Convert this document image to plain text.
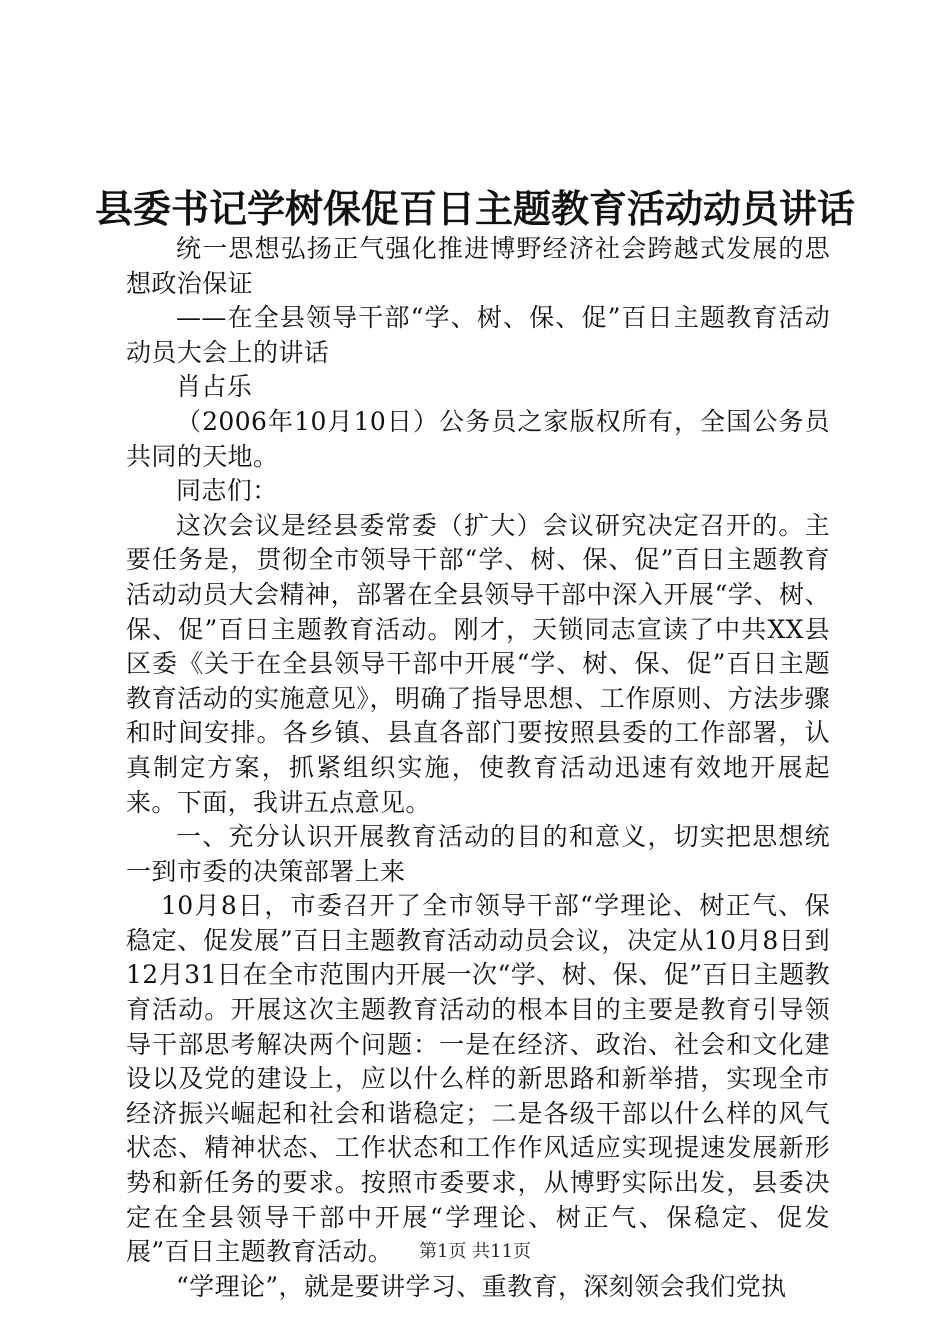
县委书记学树保促百日主题教育活动动员讲话

统一思想弘扬正气强化推进博野经济社会跨越式发展的思想政治保证

——在全县领导干部“学、树、保、促”百日主题教育活动动员大会上的讲话

肖占乐

（2006年10月10日）公务员之家版权所有，全国公务员共同的天地。

同志们：

这次会议是经县委常委（扩大）会议研究决定召开的。主要任务是，贯彻全市领导干部“学、树、保、促”百日主题教育活动动员大会精神，部署在全县领导干部中深入开展“学、树、保、促”百日主题教育活动。刚才，天锁同志宣读了中共XX县区委《关于在全县领导干部中开展“学、树、保、促”百日主题教育活动的实施意见》，明确了指导思想、工作原则、方法步骤和时间安排。各乡镇、县直各部门要按照县委的工作部署，认真制定方案，抓紧组织实施，使教育活动迅速有效地开展起来。下面，我讲五点意见。

一、充分认识开展教育活动的目的和意义，切实把思想统一到市委的决策部署上来

10月8日，市委召开了全市领导干部“学理论、树正气、保稳定、促发展”百日主题教育活动动员会议，决定从10月8日到12月31日在全市范围内开展一次“学、树、保、促”百日主题教育活动。开展这次主题教育活动的根本目的主要是教育引导领导干部思考解决两个问题：一是在经济、政治、社会和文化建设以及党的建设上，应以什么样的新思路和新举措，实现全市经济振兴崛起和社会和谐稳定；二是各级干部以什么样的风气状态、精神状态、工作状态和工作作风适应实现提速发展新形势和新任务的要求。按照市委要求，从博野实际出发，县委决定在全县领导干部中开展“学理论、树正气、保稳定、促发展”百日主题教育活动。

“学理论”，就是要讲学习、重教育，深刻领会我们党执

第1页 共11页
